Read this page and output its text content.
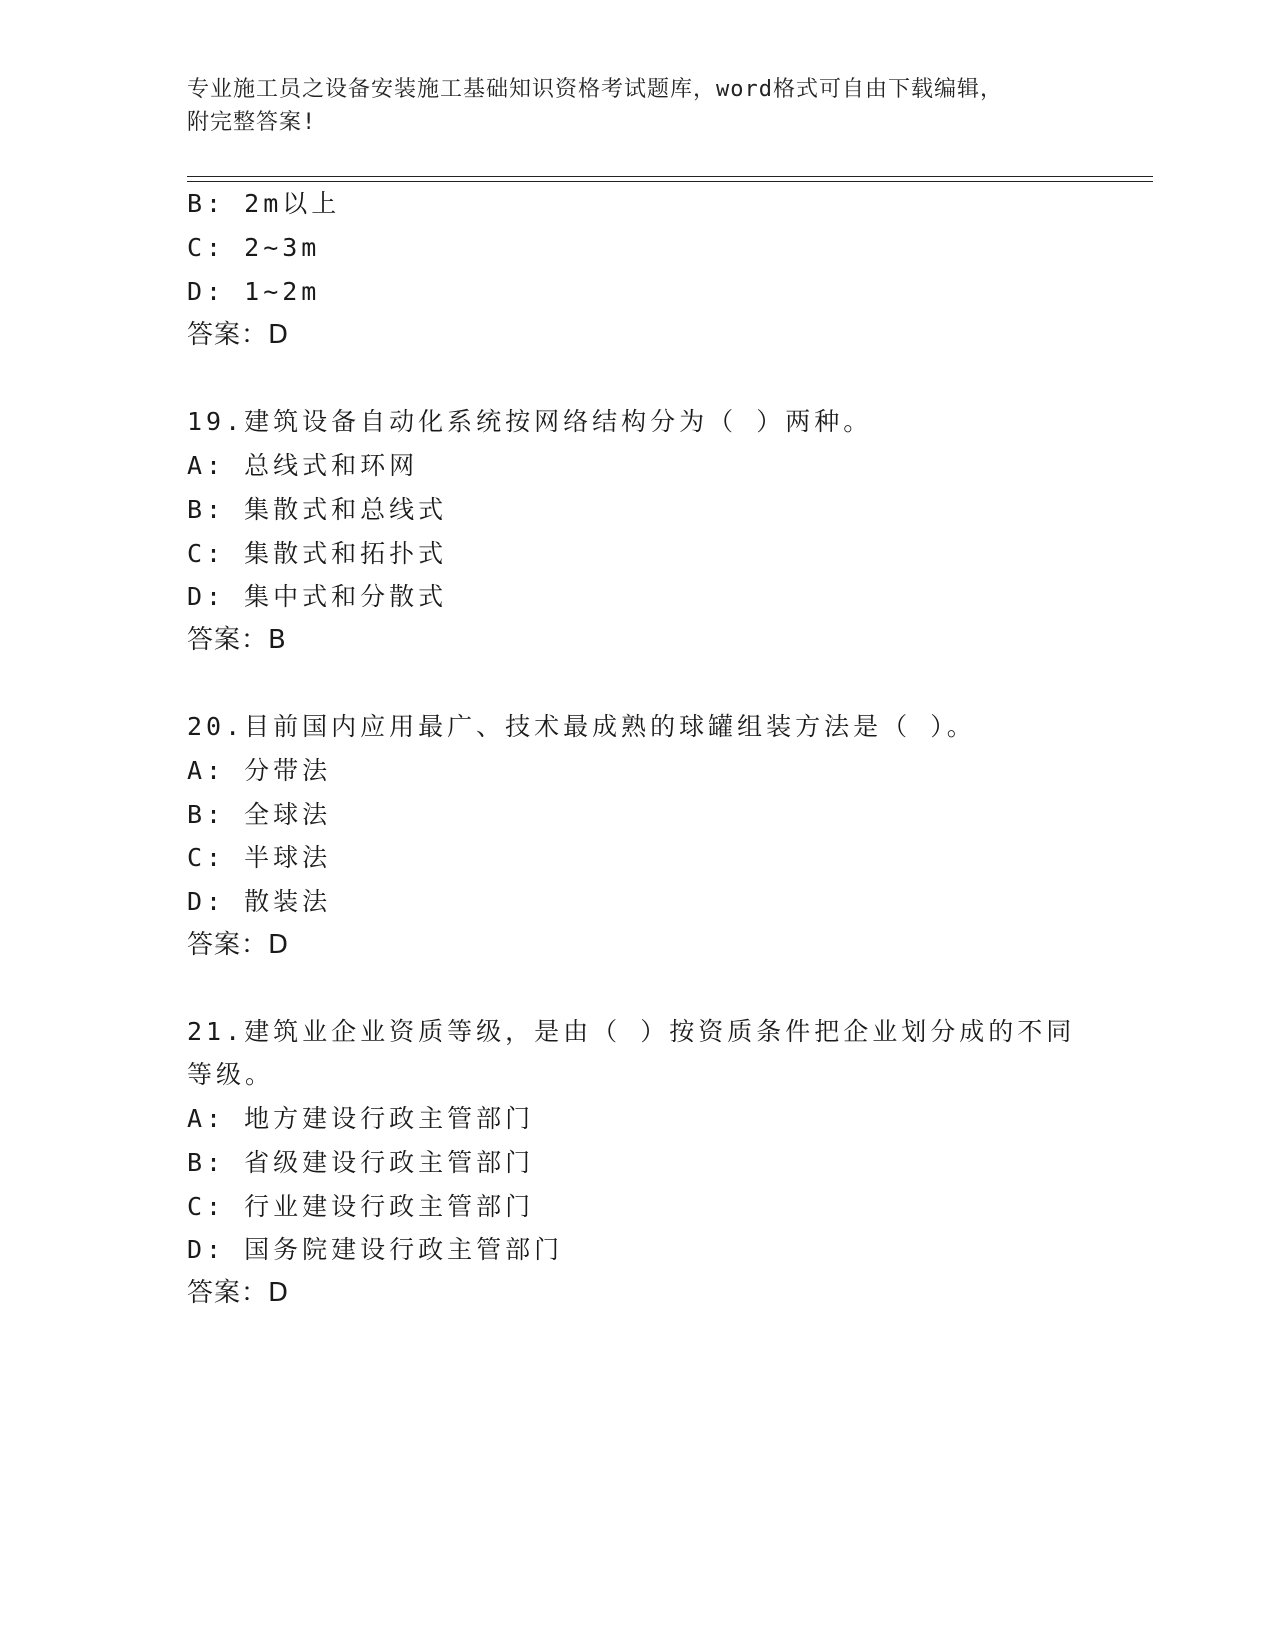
专业施工员之设备安装施工基础知识资格考试题库，word格式可自由下载编辑，
附完整答案!
B: 2m以上
C: 2~3m
D: 1~2m
答案：D
19.建筑设备自动化系统按网络结构分为（ ）两种。
A: 总线式和环网
B: 集散式和总线式
C: 集散式和拓扑式
D: 集中式和分散式
答案：B
20.目前国内应用最广、技术最成熟的球罐组装方法是（ ）。
A: 分带法
B: 全球法
C: 半球法
D: 散装法
答案：D
21.建筑业企业资质等级，是由（ ）按资质条件把企业划分成的不同
等级。
A: 地方建设行政主管部门
B: 省级建设行政主管部门
C: 行业建设行政主管部门
D: 国务院建设行政主管部门
答案：D
